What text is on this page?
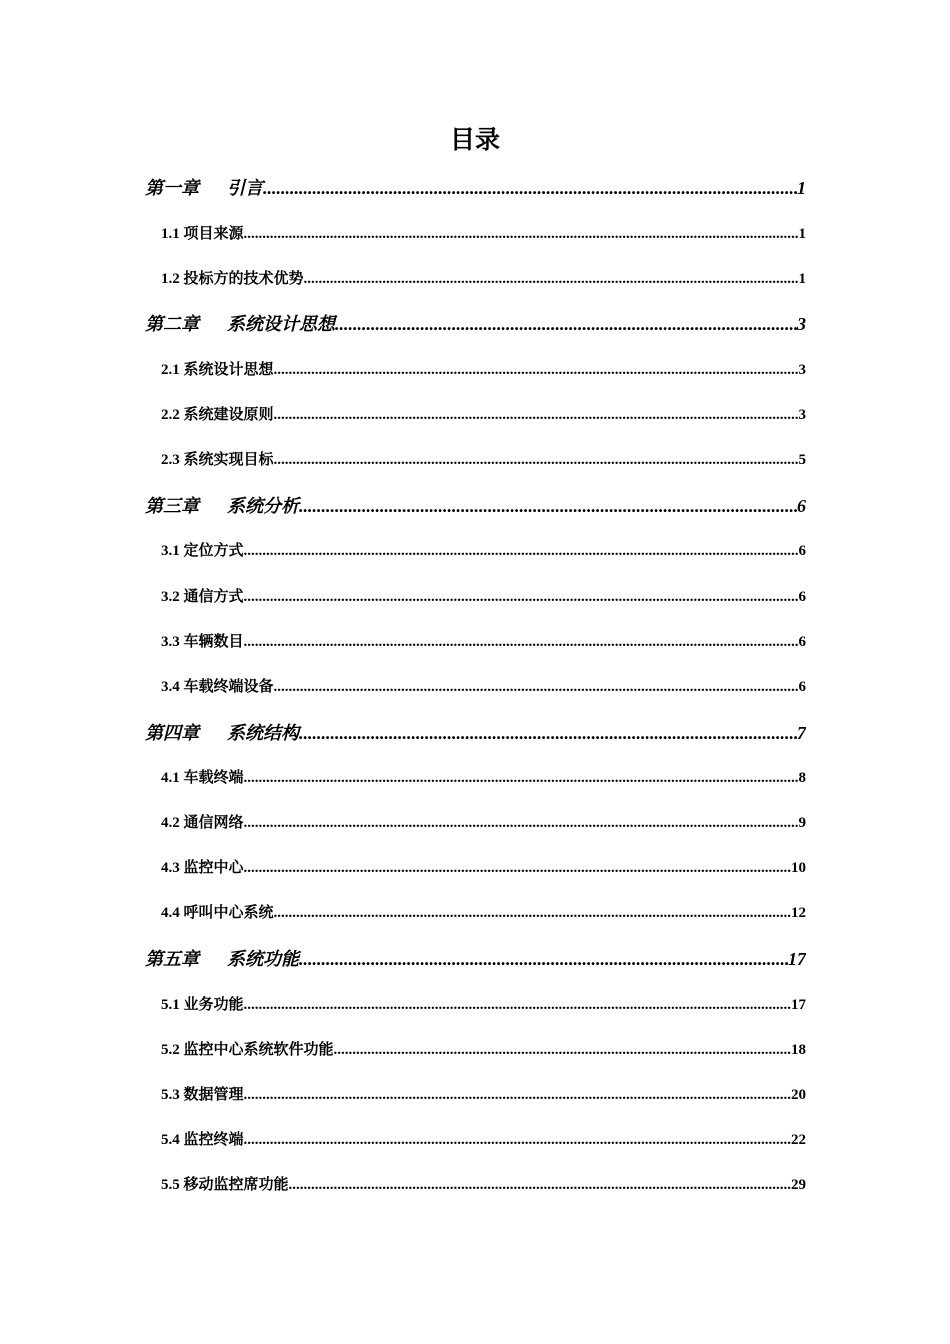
目录
第一章 引言 .....	1
1.1 项目来源 .....	1
1.2 投标方的技术优势 .....	1
第二章 系统设计思想 .....	3
2.1 系统设计思想 .....	3
2.2 系统建设原则 .....	3
2.3 系统实现目标 .....	5
第三章 系统分析 .....	6
3.1 定位方式 .....	6
3.2 通信方式 .....	6
3.3 车辆数目 .....	6
3.4 车载终端设备 .....	6
第四章 系统结构 .....	7
4.1 车载终端 .....	8
4.2 通信网络 .....	9
4.3 监控中心 .....	10
4.4 呼叫中心系统 .....	12
第五章 系统功能 .....	17
5.1 业务功能 .....	17
5.2 监控中心系统软件功能 .....	18
5.3 数据管理 .....	20
5.4 监控终端 .....	22
5.5 移动监控席功能 .....	29
